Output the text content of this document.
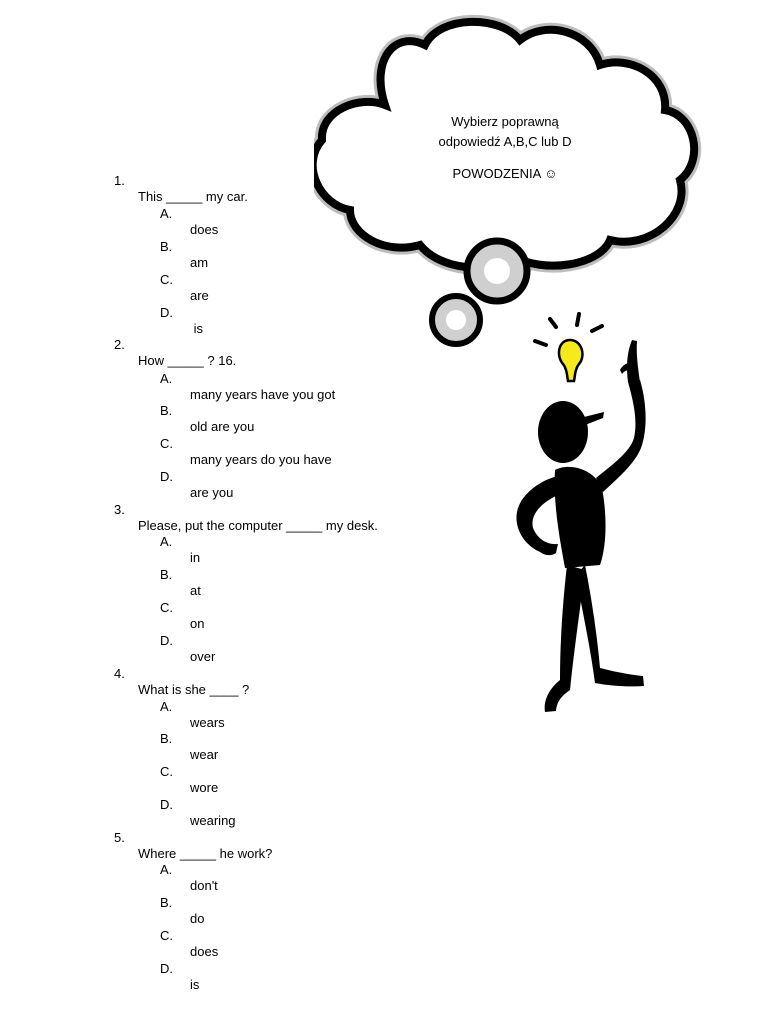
Wybierz poprawną
odpowiedź A,B,C lub D
POWODZENIA ☺

1.

This _____ my car.

A.

does

B.

am

C.

are

D.

is

2.

How _____ ? 16.

A.

many years have you got

B.

old are you

C.

many years do you have

D.

are you

3.

Please, put the computer _____ my desk.

A.

in

B.

at

C.

on

D.

over

4.

What is she ____ ?

A.

wears

B.

wear

C.

wore

D.

wearing

5.

Where _____ he work?

A.

don't

B.

do

C.

does

D.

is
